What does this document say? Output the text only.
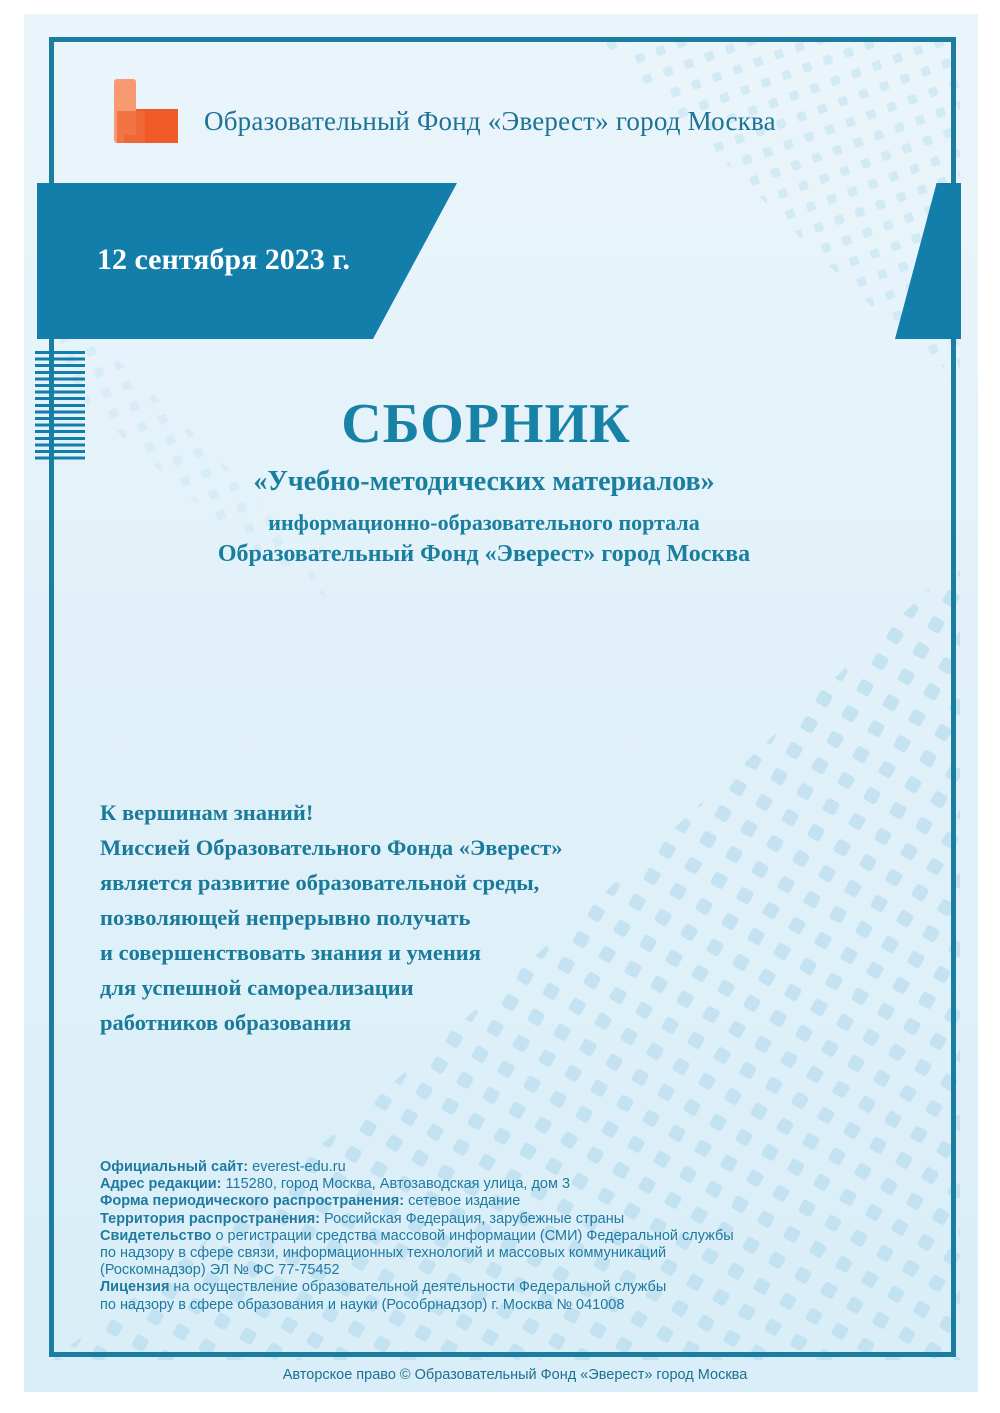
Образовательный Фонд «Эверест» город Москва
12 сентября 2023 г.
СБОРНИК
«Учебно-методических материалов»
информационно-образовательного портала
Образовательный Фонд «Эверест» город Москва
К вершинам знаний!
Миссией Образовательного Фонда «Эверест»
является развитие образовательной среды,
позволяющей непрерывно получать
и совершенствовать знания и умения
для успешной самореализации
работников образования
Официальный сайт: everest-edu.ru
Адрес редакции: 115280, город Москва, Автозаводская улица, дом 3
Форма периодического распространения: сетевое издание
Территория распространения: Российская Федерация, зарубежные страны
Свидетельство о регистрации средства массовой информации (СМИ) Федеральной службы
по надзору в сфере связи, информационных технологий и массовых коммуникаций
(Роскомнадзор) ЭЛ № ФС 77-75452
Лицензия на осуществление образовательной деятельности Федеральной службы
по надзору в сфере образования и науки (Рособрнадзор) г. Москва № 041008
Авторское право © Образовательный Фонд «Эверест» город Москва
